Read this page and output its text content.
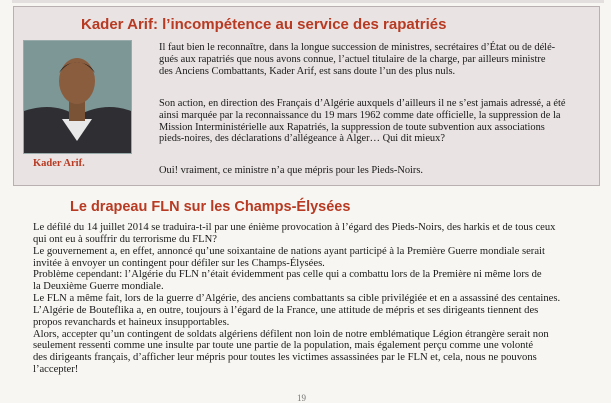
Kader Arif: l’incompétence au service des rapatriés

Kader Arif.

Il faut bien le reconnaître, dans la longue succession de ministres, secrétaires d’État ou de délé-
gués aux rapatriés que nous avons connue, l’actuel titulaire de la charge, par ailleurs ministre
des Anciens Combattants, Kader Arif, est sans doute l’un des plus nuls.

Son action, en direction des Français d’Algérie auxquels d’ailleurs il ne s’est jamais adressé, a été
ainsi marquée par la reconnaissance du 19 mars 1962 comme date officielle, la suppression de la
Mission Interministérielle aux Rapatriés, la suppression de toute subvention aux associations
pieds-noires, des déclarations d’allégeance à Alger… Qui dit mieux?

Oui! vraiment, ce ministre n’a que mépris pour les Pieds-Noirs.

Le drapeau FLN sur les Champs-Élysées
Le défilé du 14 juillet 2014 se traduira-t-il par une énième provocation à l’égard des Pieds-Noirs, des harkis et de tous ceux
qui ont eu à souffrir du terrorisme du FLN?
Le gouvernement a, en effet, annoncé qu’une soixantaine de nations ayant participé à la Première Guerre mondiale serait
invitée à envoyer un contingent pour défiler sur les Champs-Élysées.
Problème cependant: l’Algérie du FLN n’était évidemment pas celle qui a combattu lors de la Première ni même lors de
la Deuxième Guerre mondiale.
Le FLN a même fait, lors de la guerre d’Algérie, des anciens combattants sa cible privilégiée et en a assassiné des centaines.
L’Algérie de Bouteflika a, en outre, toujours à l’égard de la France, une attitude de mépris et ses dirigeants tiennent des
propos revanchards et haineux insupportables.
Alors, accepter qu’un contingent de soldats algériens défilent non loin de notre emblématique Légion étrangère serait non
seulement ressenti comme une insulte par toute une partie de la population, mais également perçu comme une volonté
des dirigeants français, d’afficher leur mépris pour toutes les victimes assassinées par le FLN et, cela, nous ne pouvons
l’accepter!
19
